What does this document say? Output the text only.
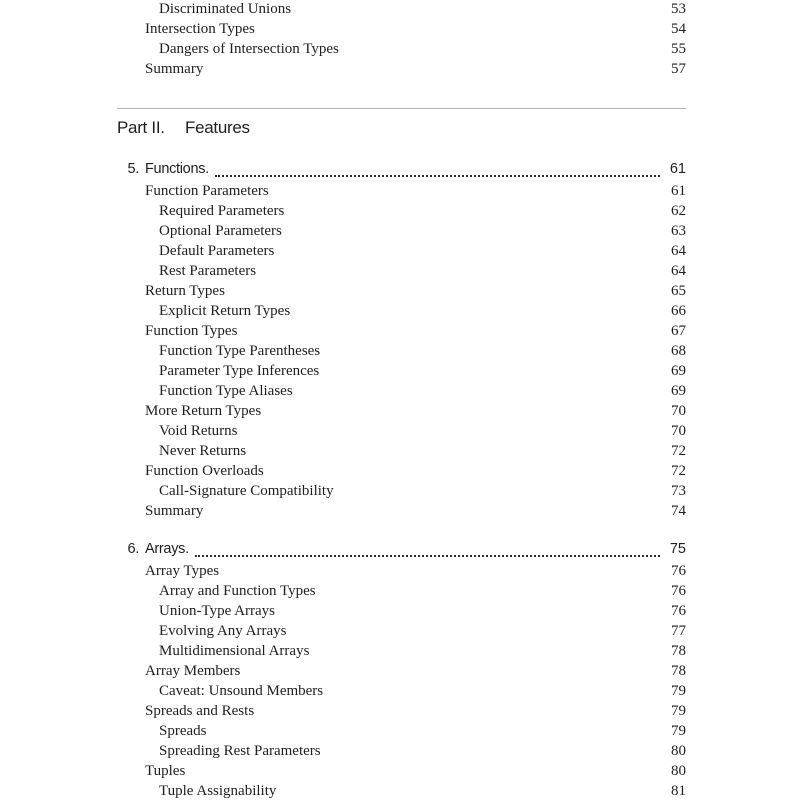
Discriminated Unions	53
Intersection Types	54
Dangers of Intersection Types	55
Summary	57
Part II. Features
5. Functions.	61
Function Parameters	61
Required Parameters	62
Optional Parameters	63
Default Parameters	64
Rest Parameters	64
Return Types	65
Explicit Return Types	66
Function Types	67
Function Type Parentheses	68
Parameter Type Inferences	69
Function Type Aliases	69
More Return Types	70
Void Returns	70
Never Returns	72
Function Overloads	72
Call-Signature Compatibility	73
Summary	74
6. Arrays.	75
Array Types	76
Array and Function Types	76
Union-Type Arrays	76
Evolving Any Arrays	77
Multidimensional Arrays	78
Array Members	78
Caveat: Unsound Members	79
Spreads and Rests	79
Spreads	79
Spreading Rest Parameters	80
Tuples	80
Tuple Assignability	81
